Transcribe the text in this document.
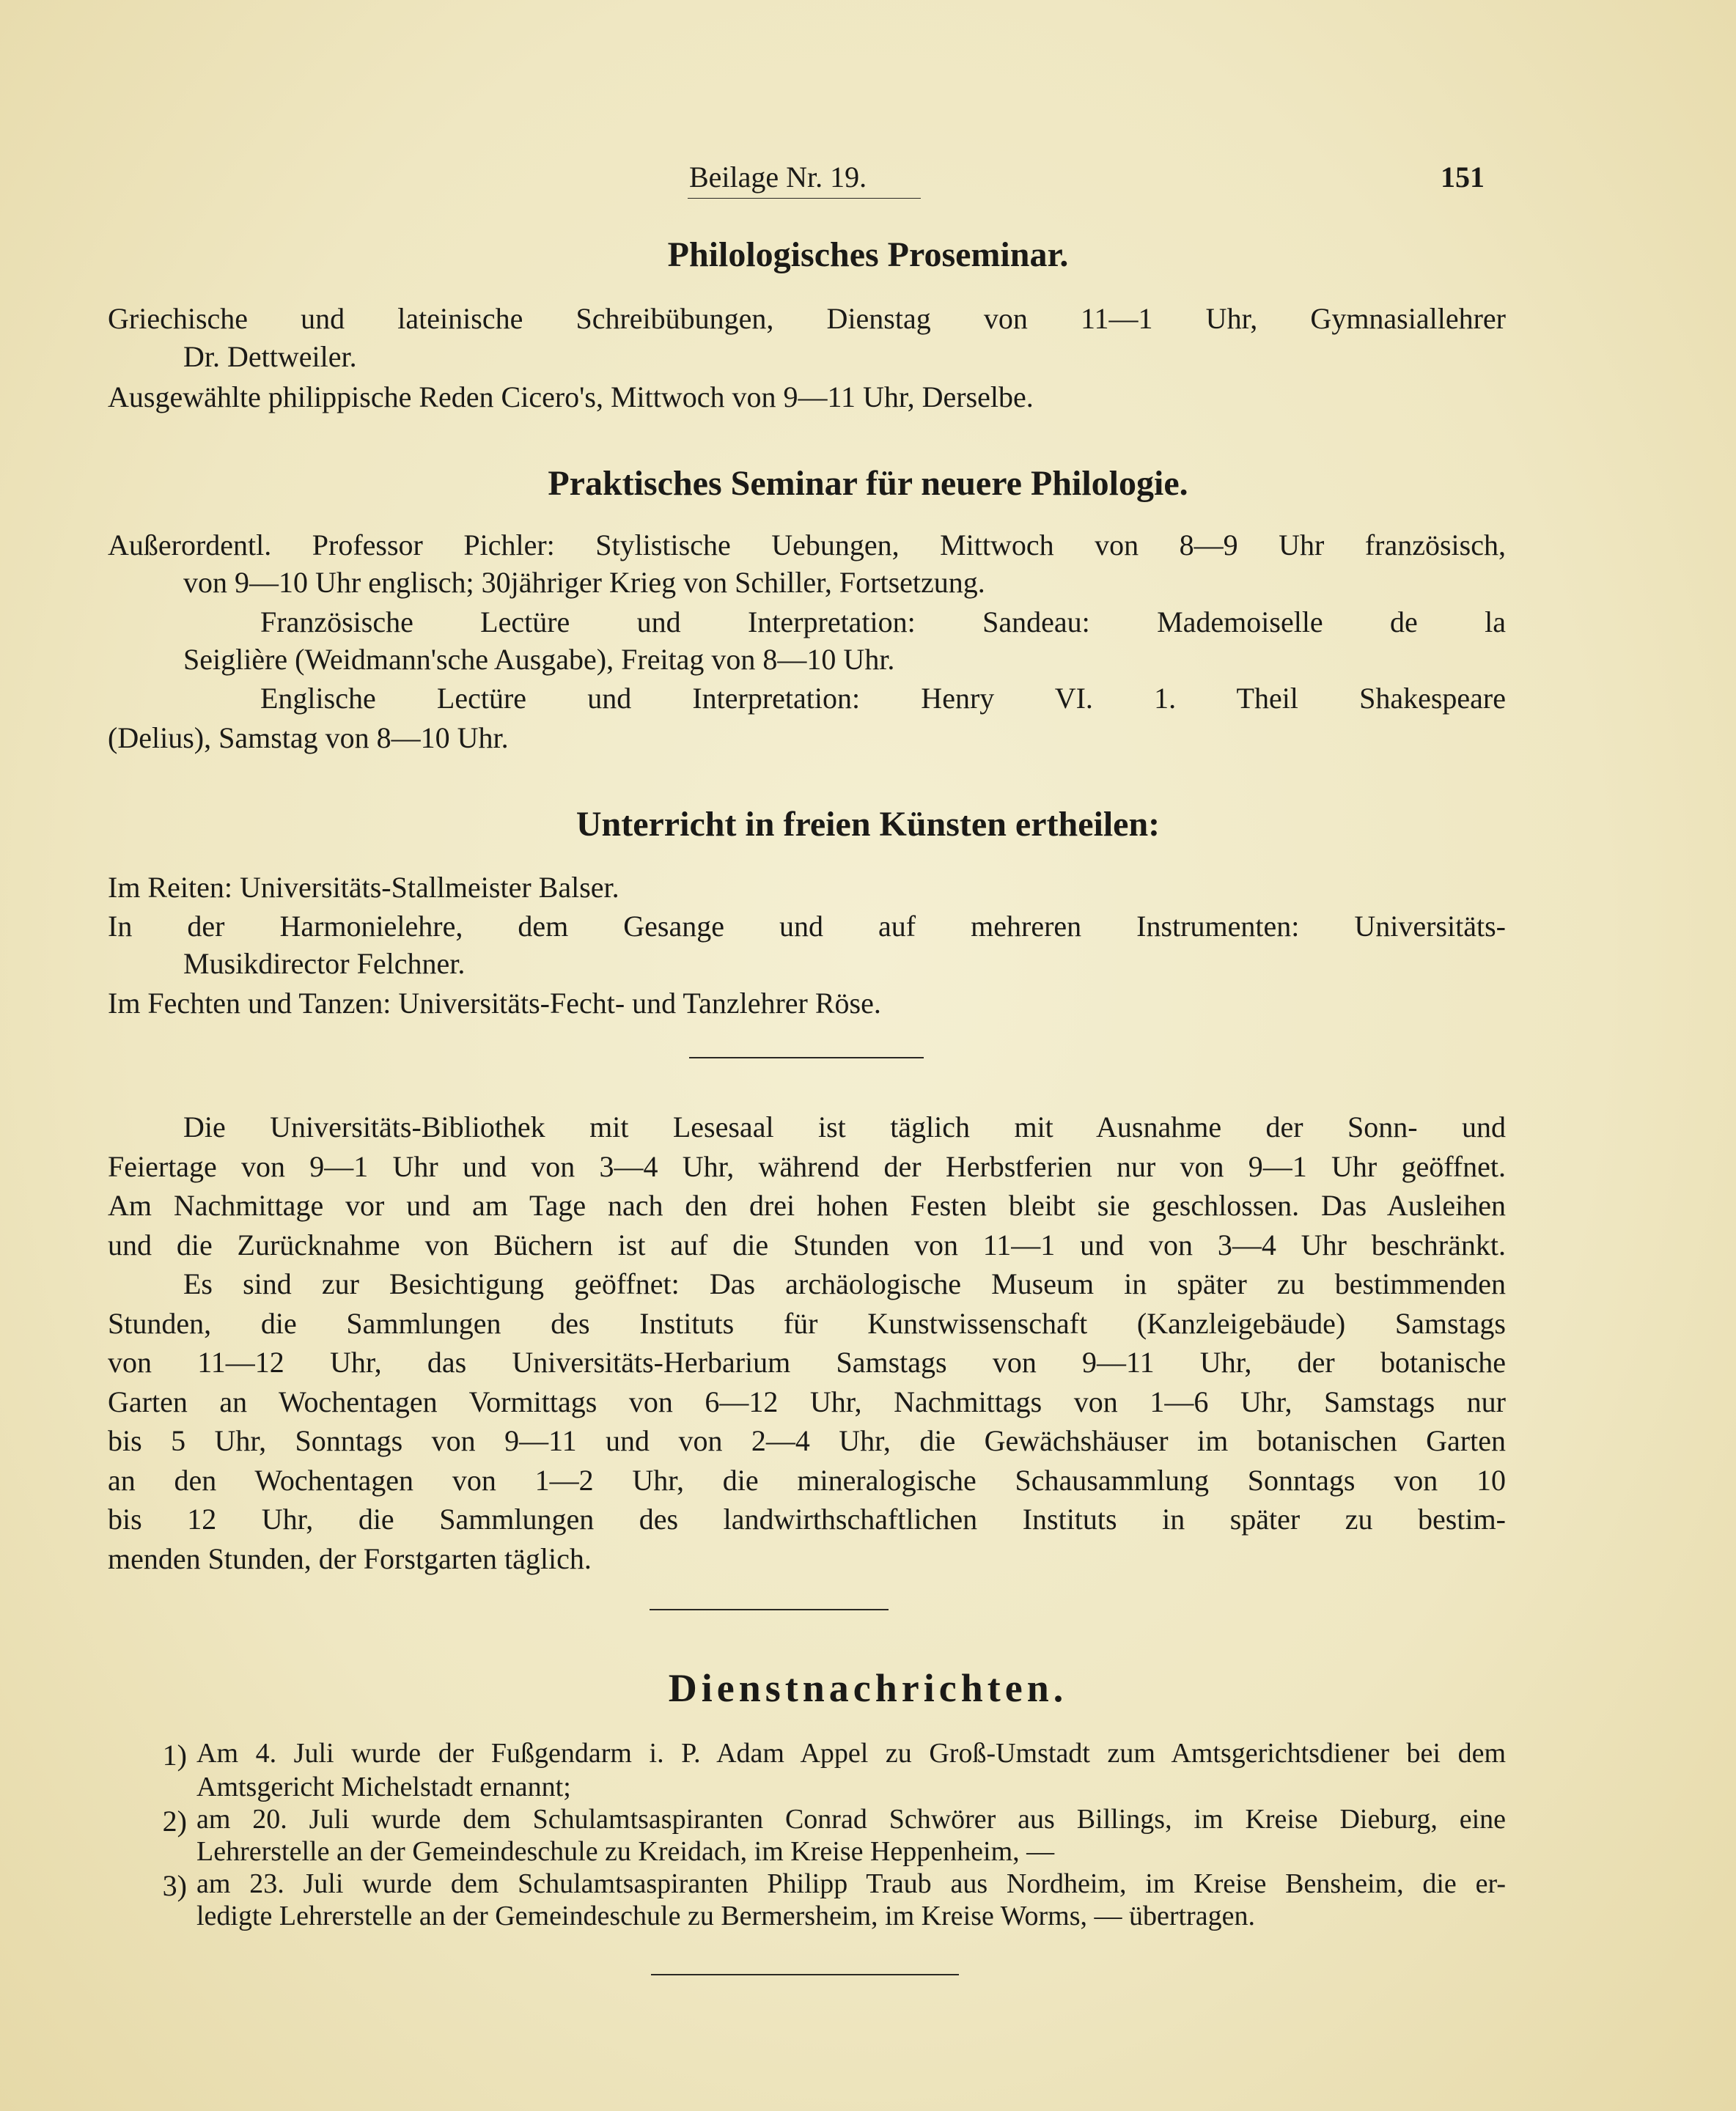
Beilage Nr. 19.	151
Philologisches Proseminar.
Griechische und lateinische Schreibübungen, Dienstag von 11—1 Uhr, Gymnasiallehrer
Dr. Dettweiler.
Ausgewählte philippische Reden Cicero's, Mittwoch von 9—11 Uhr, Derselbe.
Praktisches Seminar für neuere Philologie.
Außerordentl. Professor Pichler: Stylistische Uebungen, Mittwoch von 8—9 Uhr französisch,
von 9—10 Uhr englisch; 30jähriger Krieg von Schiller, Fortsetzung.
Französische Lectüre und Interpretation: Sandeau: Mademoiselle de la
Seiglière (Weidmann'sche Ausgabe), Freitag von 8—10 Uhr.
Englische Lectüre und Interpretation: Henry VI. 1. Theil Shakespeare
(Delius), Samstag von 8—10 Uhr.
Unterricht in freien Künsten ertheilen:
Im Reiten: Universitäts-Stallmeister Balser.
In der Harmonielehre, dem Gesange und auf mehreren Instrumenten: Universitäts-
Musikdirector Felchner.
Im Fechten und Tanzen: Universitäts-Fecht- und Tanzlehrer Röse.
Die Universitäts-Bibliothek mit Lesesaal ist täglich mit Ausnahme der Sonn- und
Feiertage von 9—1 Uhr und von 3—4 Uhr, während der Herbstferien nur von 9—1 Uhr geöffnet.
Am Nachmittage vor und am Tage nach den drei hohen Festen bleibt sie geschlossen. Das Ausleihen
und die Zurücknahme von Büchern ist auf die Stunden von 11—1 und von 3—4 Uhr beschränkt.
Es sind zur Besichtigung geöffnet: Das archäologische Museum in später zu bestimmenden
Stunden, die Sammlungen des Instituts für Kunstwissenschaft (Kanzleigebäude) Samstags
von 11—12 Uhr, das Universitäts-Herbarium Samstags von 9—11 Uhr, der botanische
Garten an Wochentagen Vormittags von 6—12 Uhr, Nachmittags von 1—6 Uhr, Samstags nur
bis 5 Uhr, Sonntags von 9—11 und von 2—4 Uhr, die Gewächshäuser im botanischen Garten
an den Wochentagen von 1—2 Uhr, die mineralogische Schausammlung Sonntags von 10
bis 12 Uhr, die Sammlungen des landwirthschaftlichen Instituts in später zu bestim-
menden Stunden, der Forstgarten täglich.
Dienstnachrichten.
1) Am 4. Juli wurde der Fußgendarm i. P. Adam Appel zu Groß-Umstadt zum Amtsgerichtsdiener bei dem
Amtsgericht Michelstadt ernannt;
2) am 20. Juli wurde dem Schulamtsaspiranten Conrad Schwörer aus Billings, im Kreise Dieburg, eine
Lehrerstelle an der Gemeindeschule zu Kreidach, im Kreise Heppenheim, —
3) am 23. Juli wurde dem Schulamtsaspiranten Philipp Traub aus Nordheim, im Kreise Bensheim, die er-
ledigte Lehrerstelle an der Gemeindeschule zu Bermersheim, im Kreise Worms, — übertragen.
